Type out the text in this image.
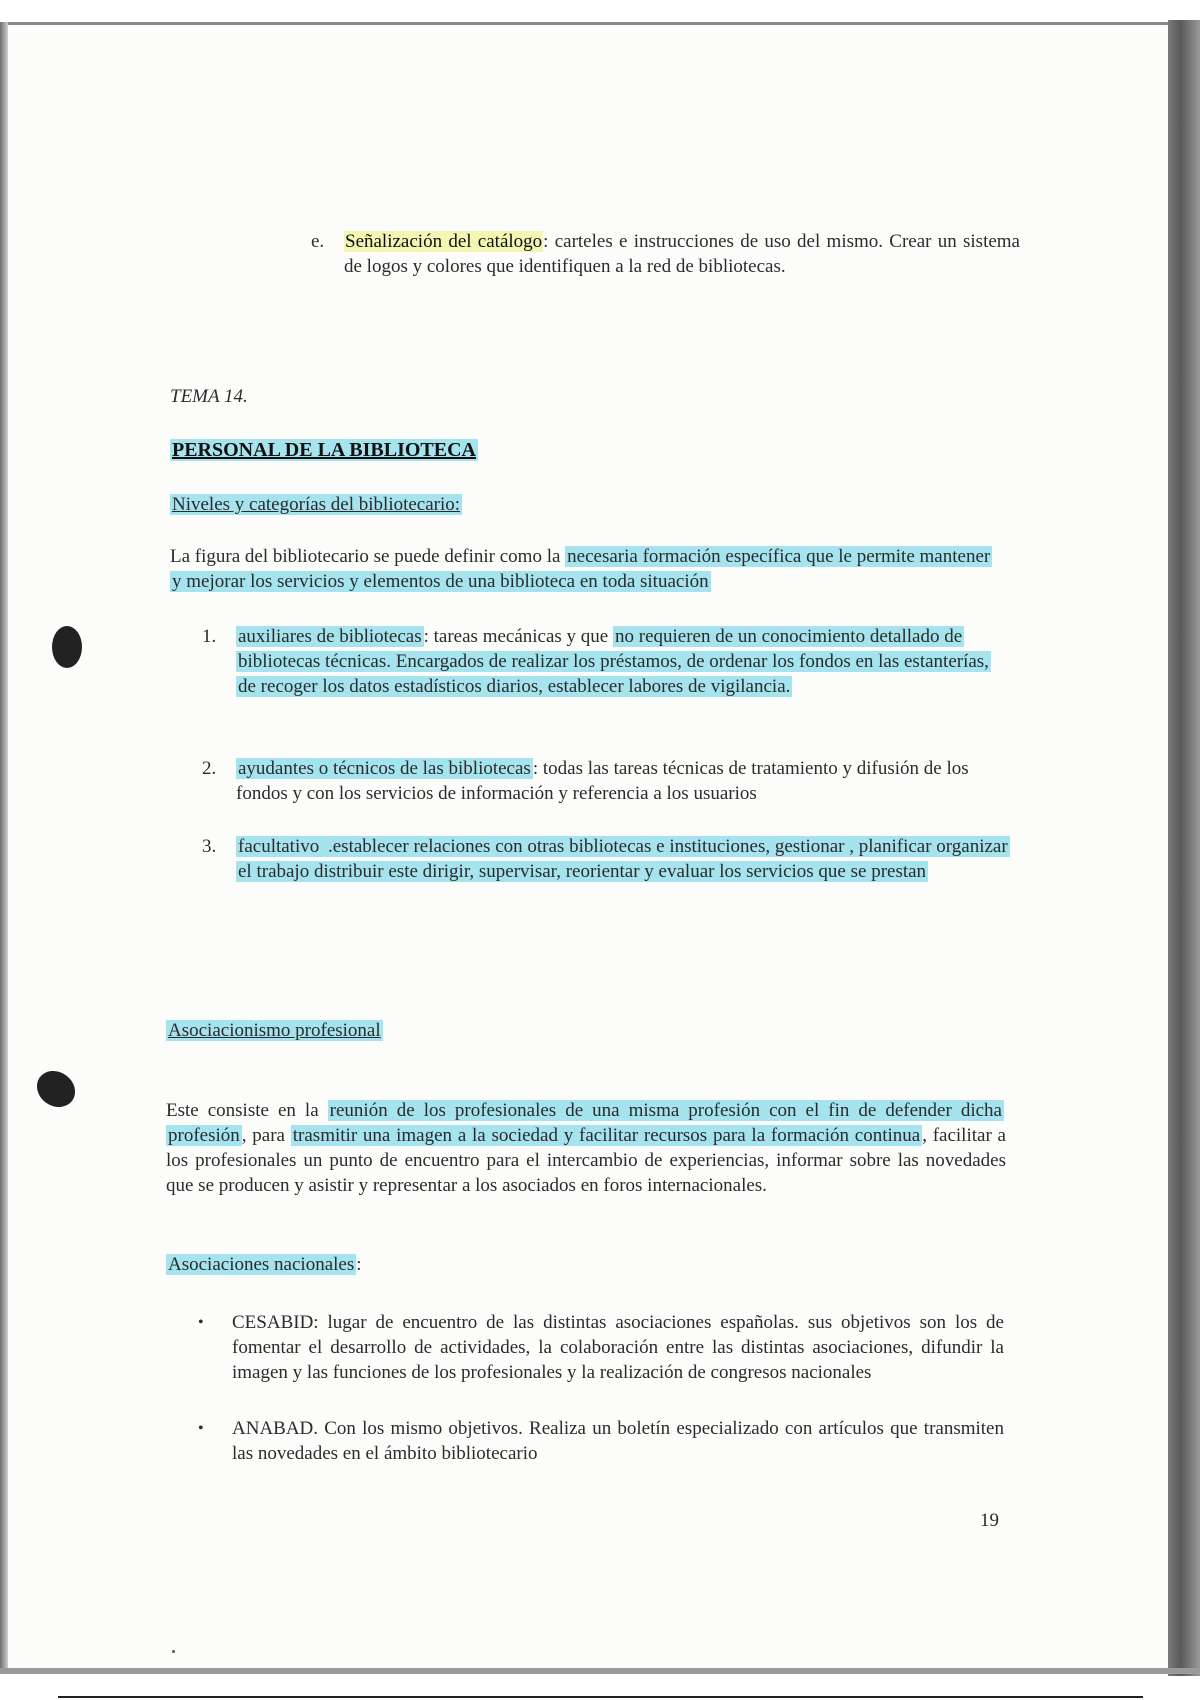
e. Señalización del catálogo: carteles e instrucciones de uso del mismo. Crear un sistema de logos y colores que identifiquen a la red de bibliotecas.
TEMA 14.
PERSONAL DE LA BIBLIOTECA
Niveles y categorías del bibliotecario:
La figura del bibliotecario se puede definir como la necesaria formación específica que le permite mantener y mejorar los servicios y elementos de una biblioteca en toda situación
1. auxiliares de bibliotecas : tareas mecánicas y que no requieren de un conocimiento detallado de bibliotecas técnicas. Encargados de realizar los préstamos, de ordenar los fondos en las estanterías, de recoger los datos estadísticos diarios, establecer labores de vigilancia.
2. ayudantes o técnicos de las bibliotecas : todas las tareas técnicas de tratamiento y difusión de los fondos y con los servicios de información y referencia a los usuarios
3. facultativo .establecer relaciones con otras bibliotecas e instituciones, gestionar , planificar organizar el trabajo distribuir este dirigir, supervisar, reorientar y evaluar los servicios que se prestan
Asociacionismo profesional
Este consiste en la reunión de los profesionales de una misma profesión con el fin de defender dicha profesión , para trasmitir una imagen a la sociedad y facilitar recursos para la formación continua , facilitar a los profesionales un punto de encuentro para el intercambio de experiencias, informar sobre las novedades que se producen y asistir y representar a los asociados en foros internacionales.
Asociaciones nacionales :
• CESABID: lugar de encuentro de las distintas asociaciones españolas. sus objetivos son los de fomentar el desarrollo de actividades, la colaboración entre las distintas asociaciones, difundir la imagen y las funciones de los profesionales y la realización de congresos nacionales
• ANABAD. Con los mismo objetivos. Realiza un boletín especializado con artículos que transmiten las novedades en el ámbito bibliotecario
19
